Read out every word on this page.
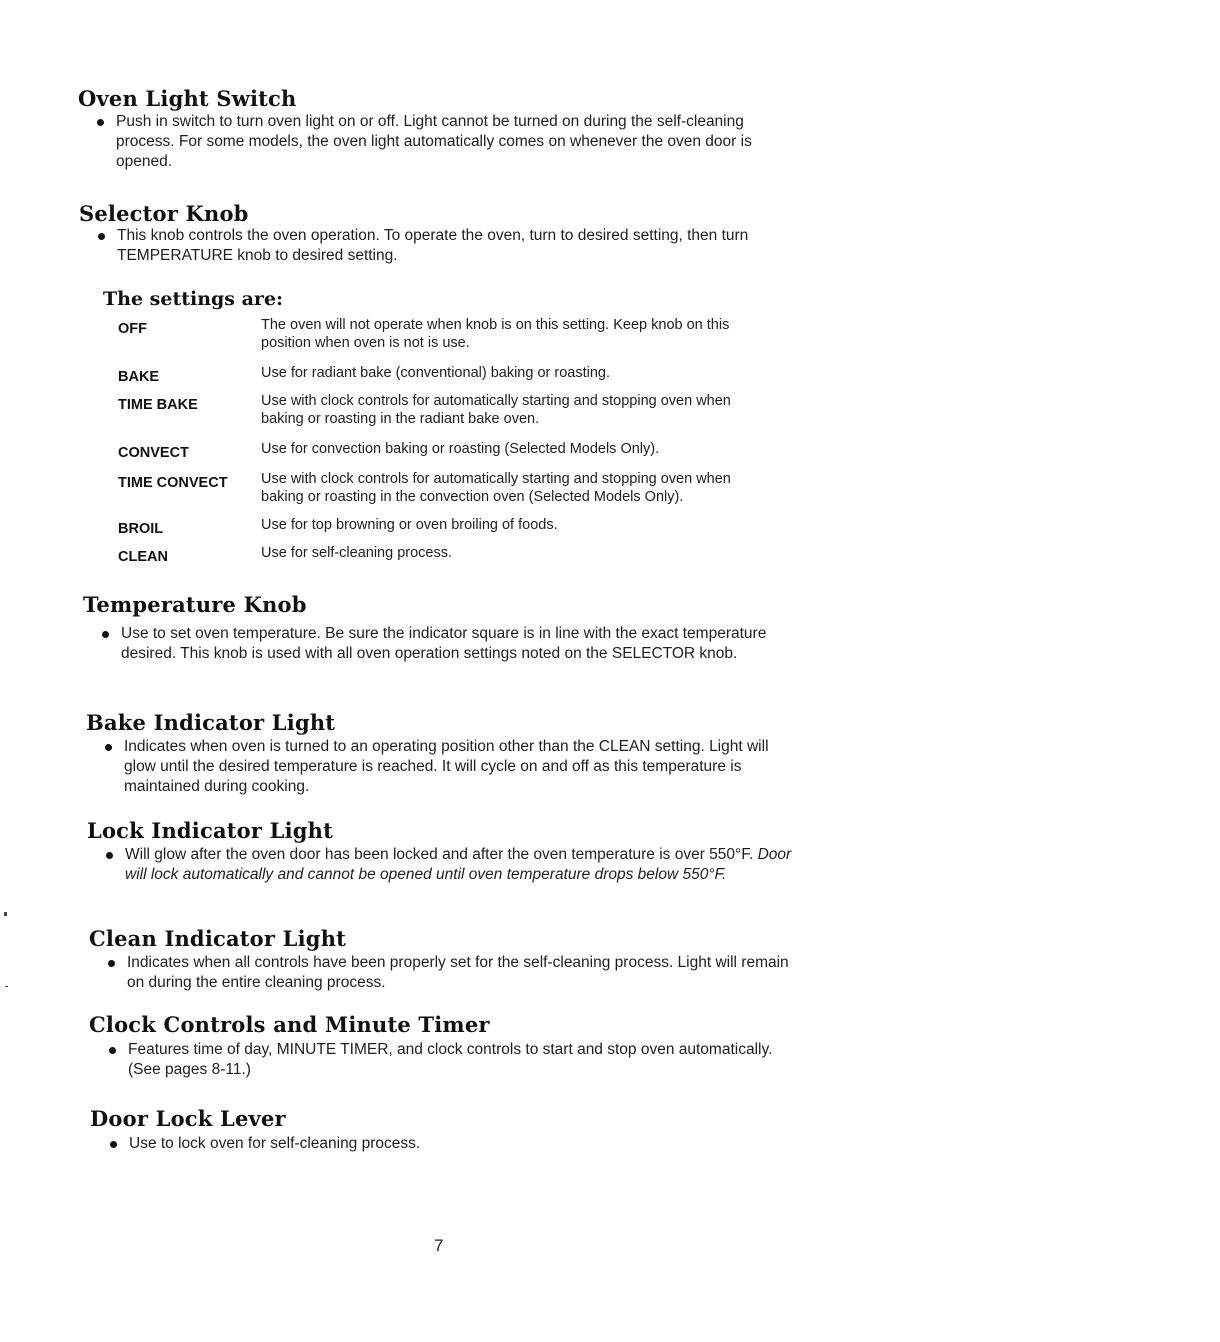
Oven Light Switch
Push in switch to turn oven light on or off. Light cannot be turned on during the self-cleaning process. For some models, the oven light automatically comes on whenever the oven door is opened.
Selector Knob
This knob controls the oven operation. To operate the oven, turn to desired setting, then turn TEMPERATURE knob to desired setting.
The settings are:
OFF	The oven will not operate when knob is on this setting. Keep knob on this position when oven is not is use.
BAKE	Use for radiant bake (conventional) baking or roasting.
TIME BAKE	Use with clock controls for automatically starting and stopping oven when baking or roasting in the radiant bake oven.
CONVECT	Use for convection baking or roasting (Selected Models Only).
TIME CONVECT	Use with clock controls for automatically starting and stopping oven when baking or roasting in the convection oven (Selected Models Only).
BROIL	Use for top browning or oven broiling of foods.
CLEAN	Use for self-cleaning process.
Temperature Knob
Use to set oven temperature. Be sure the indicator square is in line with the exact temperature desired. This knob is used with all oven operation settings noted on the SELECTOR knob.
Bake Indicator Light
Indicates when oven is turned to an operating position other than the CLEAN setting. Light will glow until the desired temperature is reached. It will cycle on and off as this temperature is maintained during cooking.
Lock Indicator Light
Will glow after the oven door has been locked and after the oven temperature is over 550°F. Door will lock automatically and cannot be opened until oven temperature drops below 550°F.
Clean Indicator Light
Indicates when all controls have been properly set for the self-cleaning process. Light will remain on during the entire cleaning process.
Clock Controls and Minute Timer
Features time of day, MINUTE TIMER, and clock controls to start and stop oven automatically. (See pages 8-11.)
Door Lock Lever
Use to lock oven for self-cleaning process.
7
